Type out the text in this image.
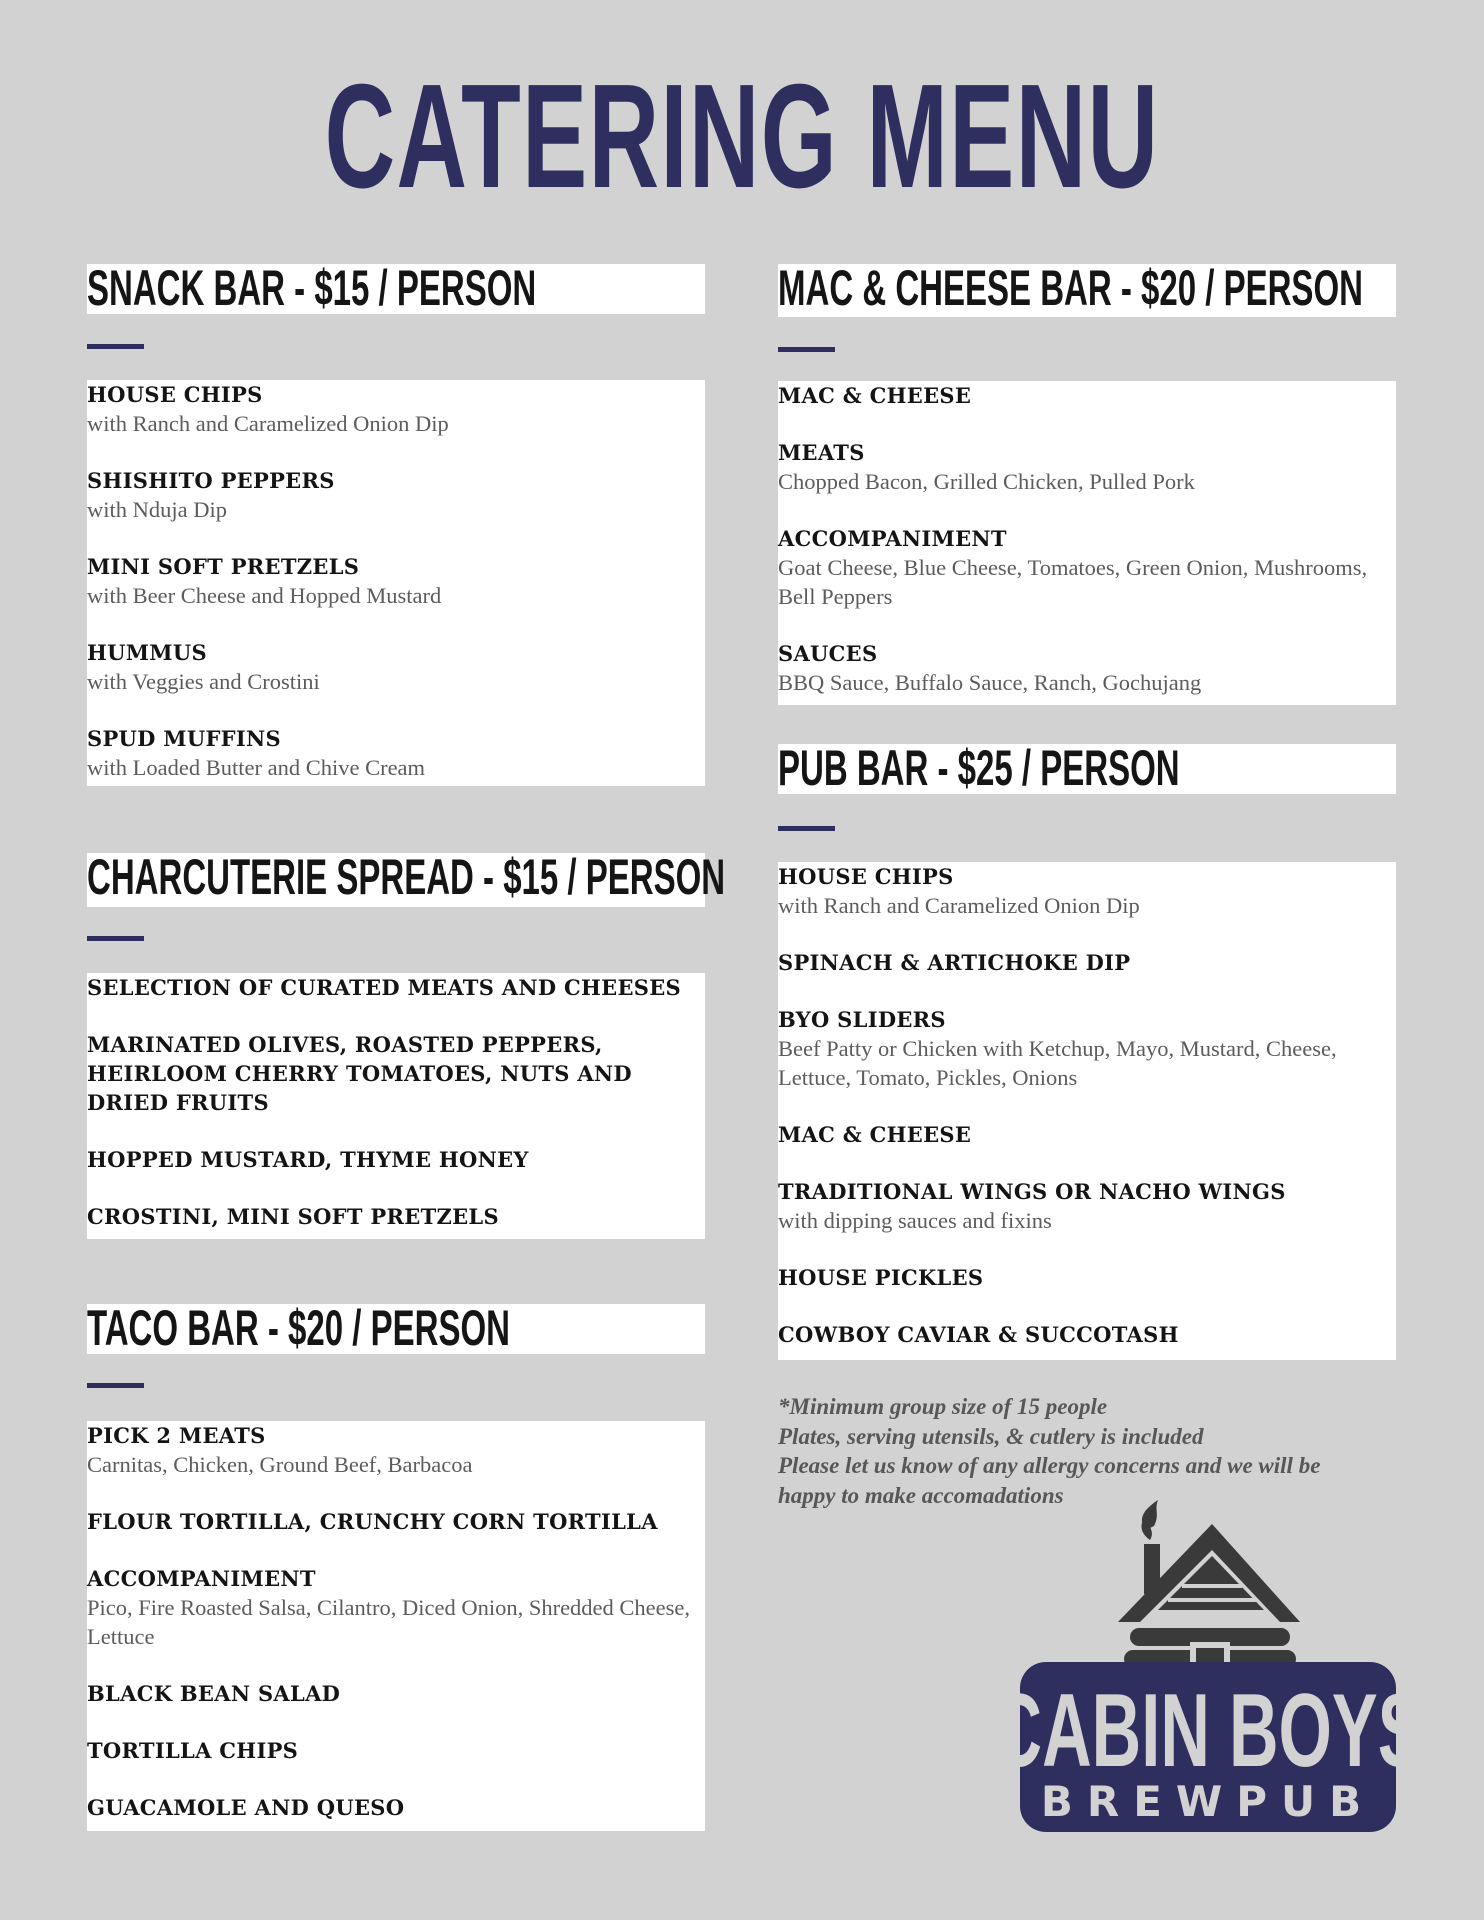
CATERING MENU
SNACK BAR - $15 / PERSON
HOUSE CHIPS
with Ranch and Caramelized Onion Dip
SHISHITO PEPPERS
with Nduja Dip
MINI SOFT PRETZELS
with Beer Cheese and Hopped Mustard
HUMMUS
with Veggies and Crostini
SPUD MUFFINS
with Loaded Butter and Chive Cream
CHARCUTERIE SPREAD - $15 / PERSON
SELECTION OF CURATED MEATS AND CHEESES
MARINATED OLIVES, ROASTED PEPPERS, HEIRLOOM CHERRY TOMATOES, NUTS AND DRIED FRUITS
HOPPED MUSTARD, THYME HONEY
CROSTINI, MINI SOFT PRETZELS
TACO BAR - $20 / PERSON
PICK 2 MEATS
Carnitas, Chicken, Ground Beef, Barbacoa
FLOUR TORTILLA, CRUNCHY CORN TORTILLA
ACCOMPANIMENT
Pico, Fire Roasted Salsa, Cilantro, Diced Onion, Shredded Cheese, Lettuce
BLACK BEAN SALAD
TORTILLA CHIPS
GUACAMOLE AND QUESO
MAC & CHEESE BAR - $20 / PERSON
MAC & CHEESE
MEATS
Chopped Bacon, Grilled Chicken, Pulled Pork
ACCOMPANIMENT
Goat Cheese, Blue Cheese, Tomatoes, Green Onion, Mushrooms, Bell Peppers
SAUCES
BBQ Sauce, Buffalo Sauce, Ranch, Gochujang
PUB BAR - $25 / PERSON
HOUSE CHIPS
with Ranch and Caramelized Onion Dip
SPINACH & ARTICHOKE DIP
BYO SLIDERS
Beef Patty or Chicken with Ketchup, Mayo, Mustard, Cheese, Lettuce, Tomato, Pickles, Onions
MAC & CHEESE
TRADITIONAL WINGS OR NACHO WINGS
with dipping sauces and fixins
HOUSE PICKLES
COWBOY CAVIAR & SUCCOTASH
*Minimum group size of 15 people
Plates, serving utensils, & cutlery is included
Please let us know of any allergy concerns and we will be happy to make accomadations
CABIN BOYS
BREWPUB
